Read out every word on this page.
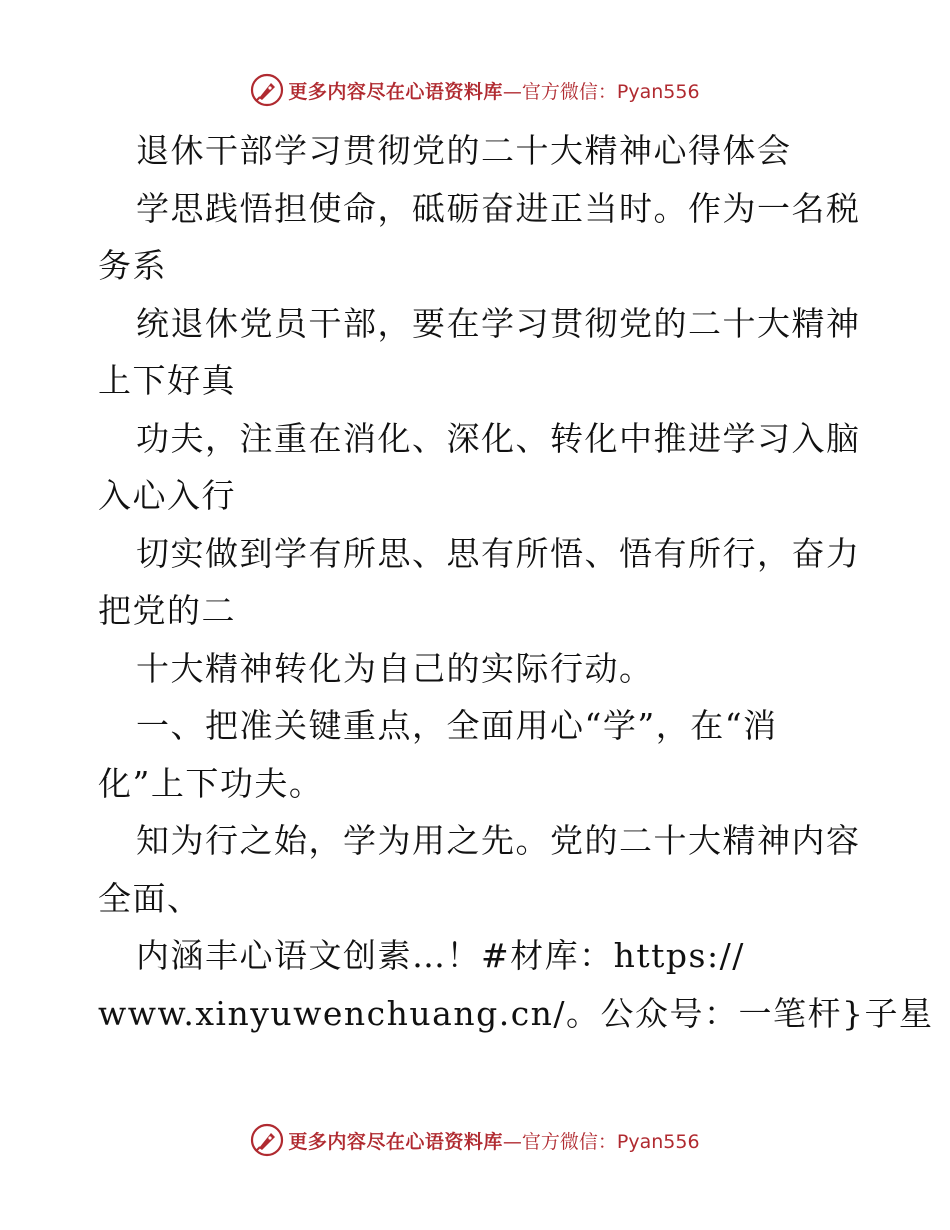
更多内容尽在心语资料库 —官方微信：Pyan556
退休干部学习贯彻党的二十大精神心得体会
学思践悟担使命，砥砺奋进正当时。作为一名税
务系
统退休党员干部，要在学习贯彻党的二十大精神
上下好真
功夫，注重在消化、深化、转化中推进学习入脑
入心入行
切实做到学有所思、思有所悟、悟有所行，奋力
把党的二
十大精神转化为自己的实际行动。
一、把准关键重点，全面用心“学”，在“消
化”上下功夫。
知为行之始，学为用之先。党的二十大精神内容
全面、
内涵丰心语文创素…！#材库：https://
www.xinyuwenchuang.cn/。公众号：一笔杆}子星
更多内容尽在心语资料库 —官方微信：Pyan556
